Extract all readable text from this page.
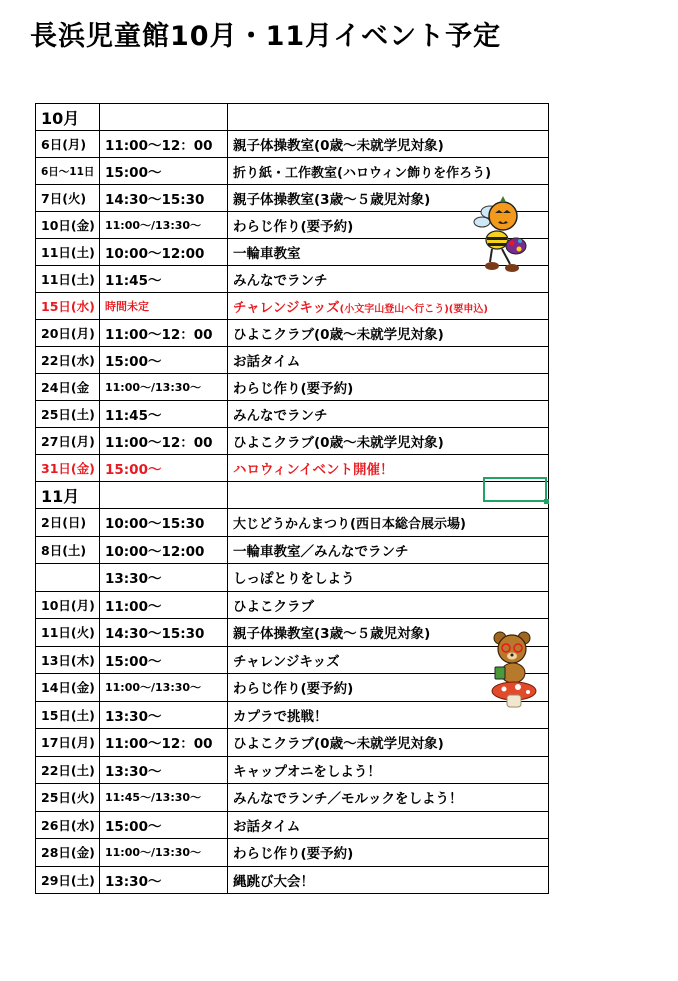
長浜児童館10月・11月イベント予定
10月		
6日(月)	11:00～12：00	親子体操教室(0歳～未就学児対象)
6日～11日	15:00～	折り紙・工作教室(ハロウィン飾りを作ろう)
7日(火)	14:30～15:30	親子体操教室(3歳～５歳児対象)
10日(金)	11:00～/13:30～	わらじ作り(要予約)
11日(土)	10:00～12:00	一輪車教室
11日(土)	11:45～	みんなでランチ
15日(水)	時間未定	チャレンジキッズ(小文字山登山へ行こう)(要申込)
20日(月)	11:00～12：00	ひよこクラブ(0歳～未就学児対象)
22日(水)	15:00～	お話タイム
24日(金	11:00～/13:30～	わらじ作り(要予約)
25日(土)	11:45～	みんなでランチ
27日(月)	11:00～12：00	ひよこクラブ(0歳～未就学児対象)
31日(金)	15:00～	ハロウィンイベント開催！
11月		
2日(日)	10:00～15:30	大じどうかんまつり(西日本総合展示場)
8日(土)	10:00～12:00	一輪車教室／みんなでランチ
	13:30～	しっぽとりをしよう
10日(月)	11:00～	ひよこクラブ
11日(火)	14:30～15:30	親子体操教室(3歳～５歳児対象)
13日(木)	15:00～	チャレンジキッズ
14日(金)	11:00～/13:30～	わらじ作り(要予約)
15日(土)	13:30～	カプラで挑戦！
17日(月)	11:00～12：00	ひよこクラブ(0歳～未就学児対象)
22日(土)	13:30～	キャップオニをしよう！
25日(火)	11:45～/13:30～	みんなでランチ／モルックをしよう！
26日(水)	15:00～	お話タイム
28日(金)	11:00～/13:30～	わらじ作り(要予約)
29日(土)	13:30～	縄跳び大会！
